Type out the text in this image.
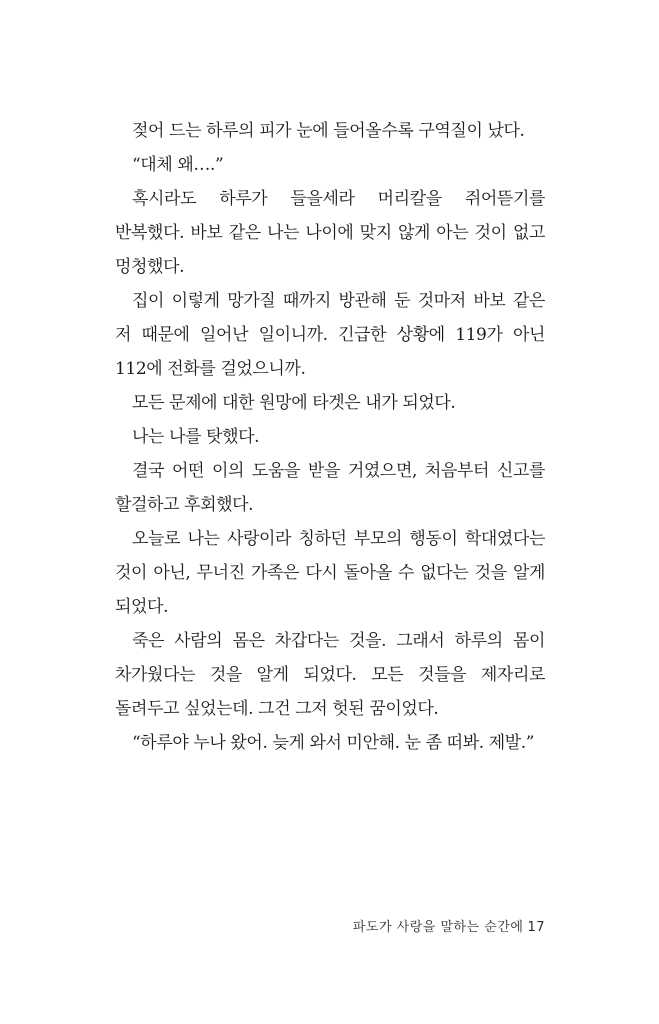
젖어 드는 하루의 피가 눈에 들어올수록 구역질이 났다.

“대체 왜….”

혹시라도 하루가 들을세라 머리칼을 쥐어뜯기를 반복했다. 바보 같은 나는 나이에 맞지 않게 아는 것이 없고 멍청했다.

집이 이렇게 망가질 때까지 방관해 둔 것마저 바보 같은 저 때문에 일어난 일이니까. 긴급한 상황에 119가 아닌 112에 전화를 걸었으니까.

모든 문제에 대한 원망에 타겟은 내가 되었다.

나는 나를 탓했다.

결국 어떤 이의 도움을 받을 거였으면, 처음부터 신고를 할걸하고 후회했다.

오늘로 나는 사랑이라 칭하던 부모의 행동이 학대였다는 것이 아닌, 무너진 가족은 다시 돌아올 수 없다는 것을 알게 되었다.

죽은 사람의 몸은 차갑다는 것을. 그래서 하루의 몸이 차가웠다는 것을 알게 되었다. 모든 것들을 제자리로 돌려두고 싶었는데. 그건 그저 헛된 꿈이었다.

“하루야 누나 왔어. 늦게 와서 미안해. 눈 좀 떠봐. 제발.”

파도가 사랑을 말하는 순간에 17
